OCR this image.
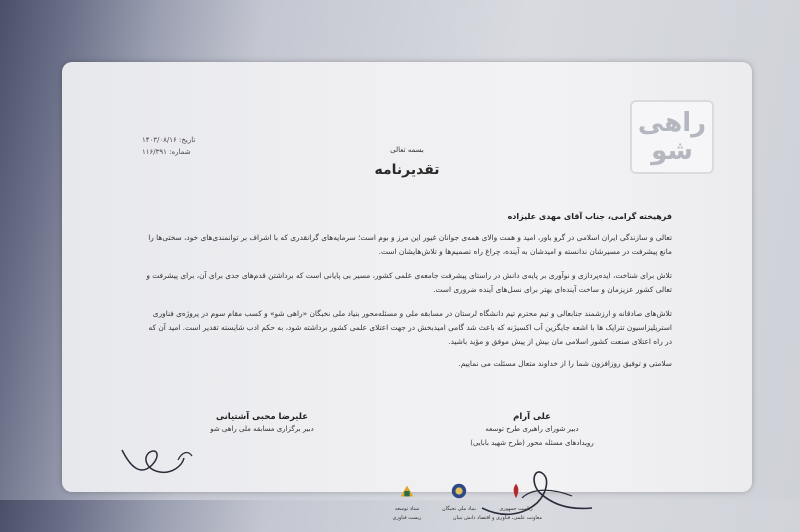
راهی شو
تاریخ: ۱۴۰۳/۰۸/۱۶
شماره: ۱۱۶/۳۹۱	بسمه تعالی
تقدیرنامه
فرهیخته گرامی، جناب آقای مهدی علیزاده
تعالی و سازندگی ایران اسلامی در گرو باور، امید و همت والای همه‌ی جوانان غیور این مرز و بوم است؛ سرمایه‌های گرانقدری که با اشراف بر توانمندی‌های خود، سختی‌ها را مانع پیشرفت در مسیرشان ندانسته و امیدشان به آینده، چراغ راه تصمیم‌ها و تلاش‌هایشان است.
تلاش برای شناخت، ایده‌پردازی و نوآوری بر پایه‌ی دانش در راستای پیشرفت جامعه‌ی علمی کشور، مسیر بی پایانی است که برداشتن قدم‌های جدی برای آن، برای پیشرفت و تعالی کشور عزیزمان و ساخت آینده‌ای بهتر برای نسل‌های آینده ضروری است.
تلاش‌های صادقانه و ارزشمند جنابعالی و تیم محترم تیم دانشگاه لرستان در مسابقه ملی و مسئله‌محور بنیاد ملی نخبگان «راهی شو» و کسب مقام سوم در پروژه‌ی فناوری استریلیزاسیون تتراپک ها با اشعه جایگزین آب اکسیژنه که باعث شد گامی امیدبخش در جهت اعتلای علمی کشور برداشته شود، به حکم ادب شایسته تقدیر است. امید آن که در راه اعتلای صنعت کشور اسلامی مان بیش از پیش موفق و مؤید باشید.
سلامتی و توفیق روزافزون شما را از خداوند متعال مسئلت می نماییم.
علی آرام
دبیر شورای راهبری طرح توسعه
رویدادهای مسئله محور (طرح شهید بابایی)
علیرضا محبی آشتیانی
دبیر برگزاری مسابقه ملی راهی شو
ریاست جمهوری
معاونت علمی، فناوری و اقتصاد دانش بنیان
بنیاد ملی نخبگان
ستاد توسعه
زیست فناوری
